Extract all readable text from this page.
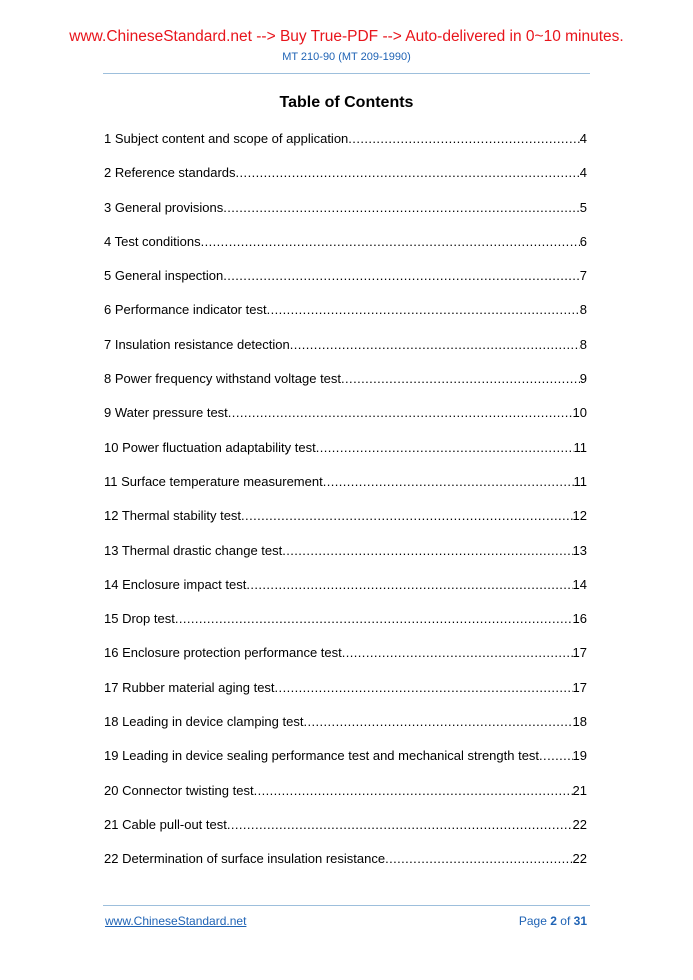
www.ChineseStandard.net --> Buy True-PDF --> Auto-delivered in 0~10 minutes.
MT 210-90 (MT 209-1990)
Table of Contents
1 Subject content and scope of application .....	4
2 Reference standards .....	4
3 General provisions .....	5
4 Test conditions .....	6
5 General inspection .....	7
6 Performance indicator test .....	8
7 Insulation resistance detection .....	8
8 Power frequency withstand voltage test .....	9
9 Water pressure test .....	10
10 Power fluctuation adaptability test .....	11
11 Surface temperature measurement .....	11
12 Thermal stability test .....	12
13 Thermal drastic change test .....	13
14 Enclosure impact test .....	14
15 Drop test .....	16
16 Enclosure protection performance test .....	17
17 Rubber material aging test .....	17
18 Leading in device clamping test .....	18
19 Leading in device sealing performance test and mechanical strength test .....	19
20 Connector twisting test .....	21
21 Cable pull-out test .....	22
22 Determination of surface insulation resistance .....	22
www.ChineseStandard.net	Page 2 of 31
